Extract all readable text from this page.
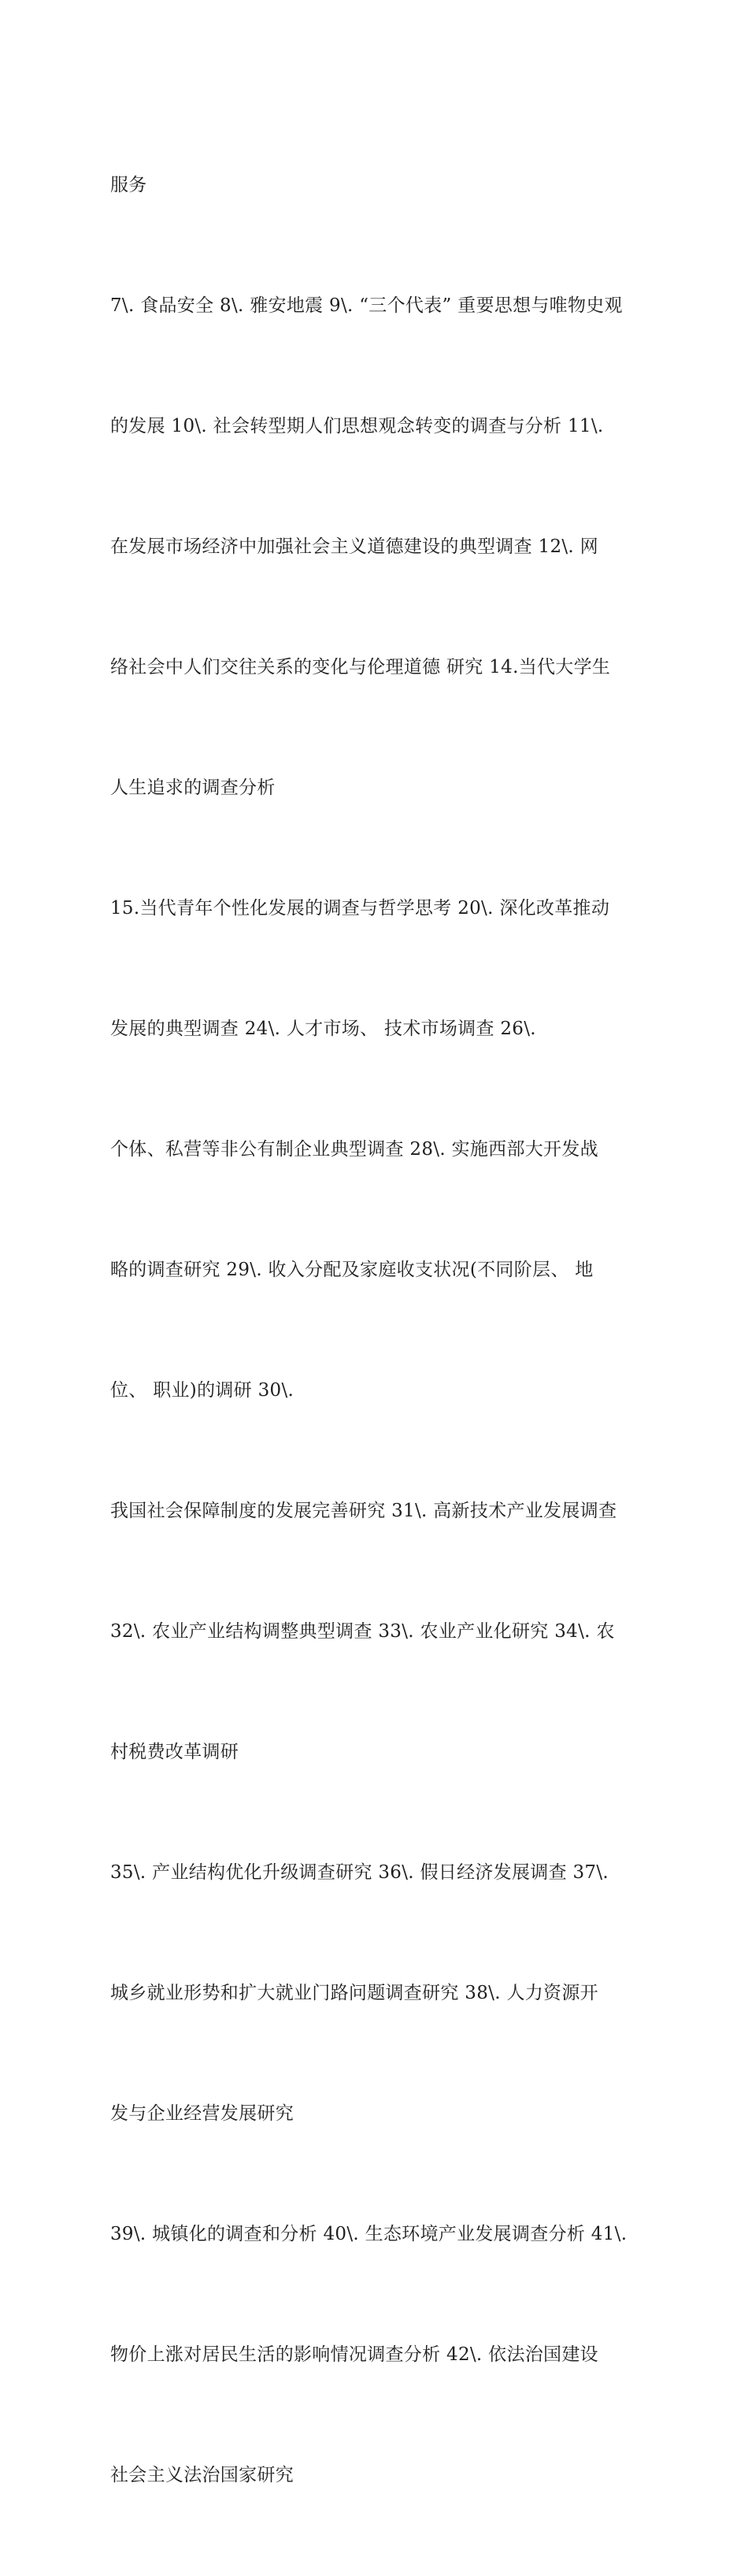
服务

7\. 食品安全 8\. 雅安地震 9\. “三个代表” 重要思想与唯物史观

的发展 10\. 社会转型期人们思想观念转变的调查与分析 11\.

在发展市场经济中加强社会主义道德建设的典型调查 12\. 网

络社会中人们交往关系的变化与伦理道德 研究 14.当代大学生

人生追求的调查分析

15.当代青年个性化发展的调查与哲学思考 20\. 深化改革推动

发展的典型调查 24\. 人才市场、 技术市场调查 26\.

个体、私营等非公有制企业典型调查 28\. 实施西部大开发战

略的调查研究 29\. 收入分配及家庭收支状况(不同阶层、 地

位、 职业)的调研 30\.

我国社会保障制度的发展完善研究 31\. 高新技术产业发展调查

32\. 农业产业结构调整典型调查 33\. 农业产业化研究 34\. 农

村税费改革调研

35\. 产业结构优化升级调查研究 36\. 假日经济发展调查 37\.

城乡就业形势和扩大就业门路问题调查研究 38\. 人力资源开

发与企业经营发展研究

39\. 城镇化的调查和分析 40\. 生态环境产业发展调查分析 41\.

物价上涨对居民生活的影响情况调查分析 42\. 依法治国建设

社会主义法治国家研究
